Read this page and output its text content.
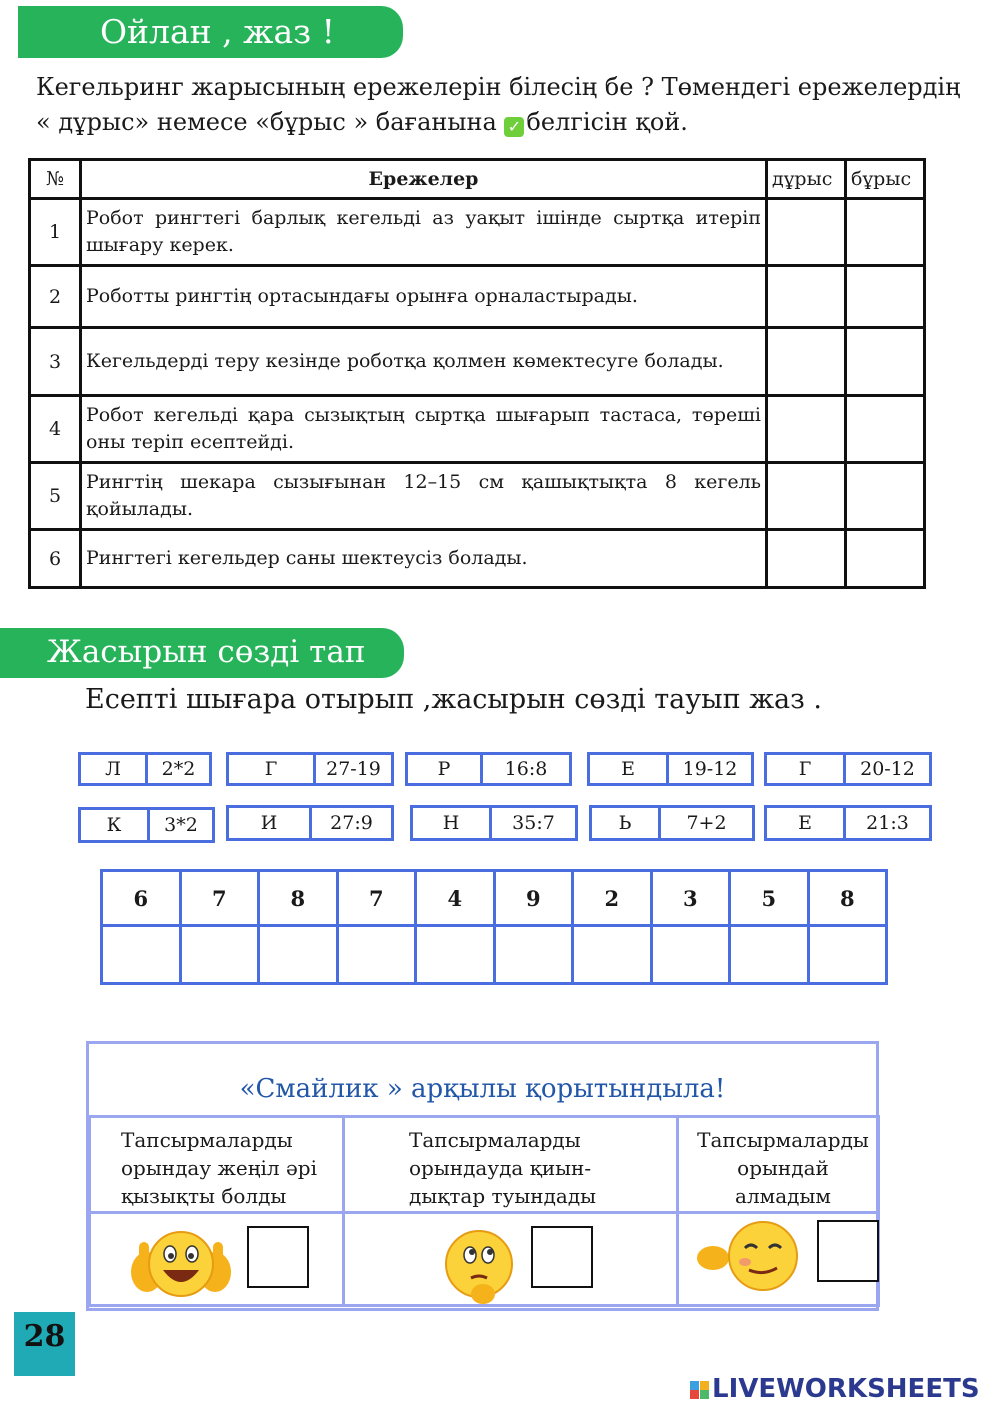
Ойлан , жаз !
Кегельринг жарысының ережелерін білесің бе ? Төмендегі ережелердің « дұрыс» немесе «бұрыс » бағанына ✓ белгісін қой.
№	Ережелер	дұрыс	бұрыс
1	Робот рингтегі барлық кегельді аз уақыт ішінде сыртқа итеріп шығару керек.		
2	Роботты рингтің ортасындағы орынға орналастырады.		
3	Кегельдерді теру кезінде роботқа қолмен көмектесуге болады.		
4	Робот кегельді қара сызықтың сыртқа шығарып тастаса, төреші оны теріп есептейді.		
5	Рингтің шекара сызығынан 12–15 см қашықтықта 8 кегель қойылады.		
6	Рингтегі кегельдер саны шектеусіз болады.		
Жасырын сөзді тап
Есепті шығара отырып ,жасырын сөзді тауып жаз .
Л	2*2	Г	27-19	Р	16:8	Е	19-12	Г	20-12
К	3*2	И	27:9	Н	35:7	Ь	7+2	Е	21:3
6	7	8	7	4	9	2	3	5	8

«Смайлик » арқылы қорытындыла!
Тапсырмаларды орындау жеңіл әрі қызықты болды	Тапсырмаларды орындауда қиын- дықтар туындады	Тапсырмаларды орындай алмадым

28

LIVEWORKSHEETS
